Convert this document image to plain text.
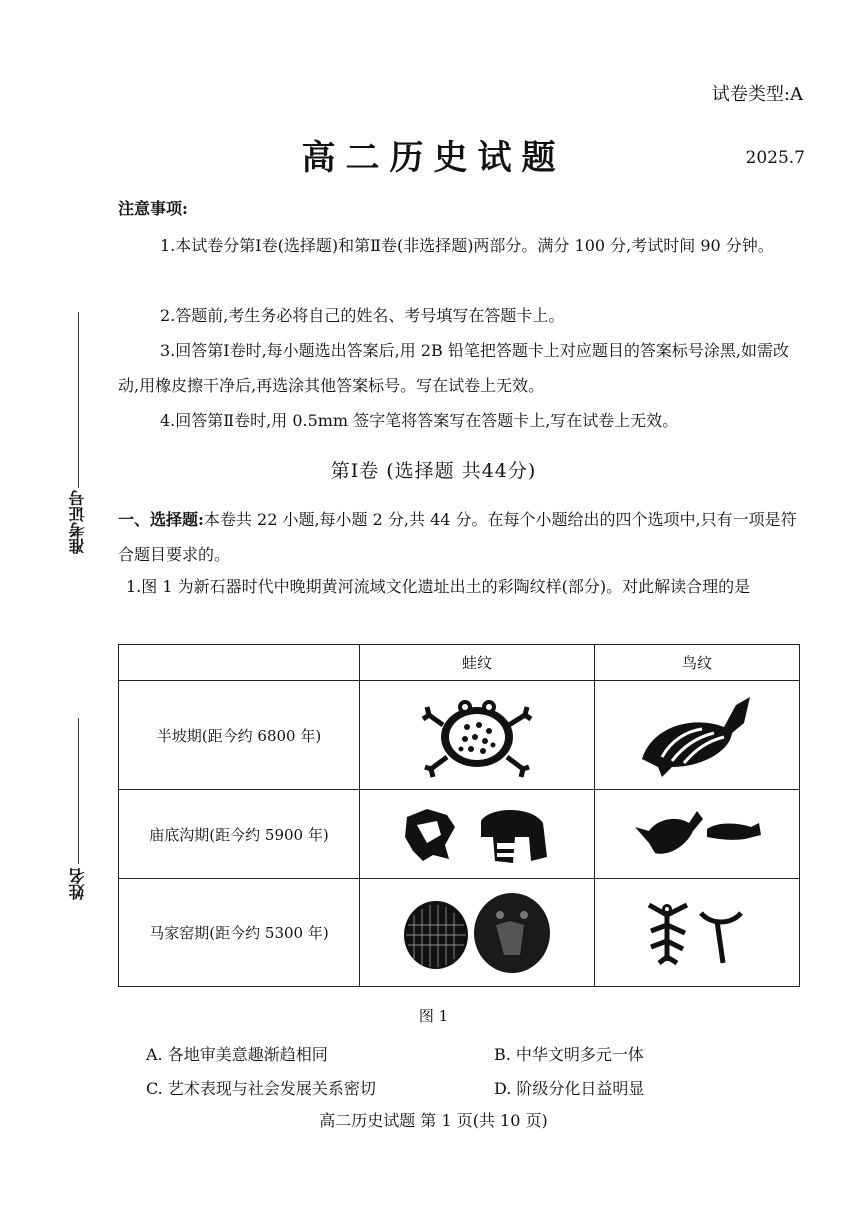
试卷类型:A
高二历史试题	2025.7
准考证号
姓名
注意事项:
1.本试卷分第Ⅰ卷(选择题)和第Ⅱ卷(非选择题)两部分。满分 100 分,考试时间 90 分钟。
2.答题前,考生务必将自己的姓名、考号填写在答题卡上。
3.回答第Ⅰ卷时,每小题选出答案后,用 2B 铅笔把答题卡上对应题目的答案标号涂黑,如需改动,用橡皮擦干净后,再选涂其他答案标号。写在试卷上无效。
4.回答第Ⅱ卷时,用 0.5mm 签字笔将答案写在答题卡上,写在试卷上无效。
第Ⅰ卷 (选择题 共44分)
一、选择题:本卷共 22 小题,每小题 2 分,共 44 分。在每个小题给出的四个选项中,只有一项是符合题目要求的。
1.图 1 为新石器时代中晚期黄河流域文化遗址出土的彩陶纹样(部分)。对此解读合理的是
	蛙纹	鸟纹
半坡期(距今约 6800 年)		
庙底沟期(距今约 5900 年)		
马家窑期(距今约 5300 年)		
图 1
A. 各地审美意趣渐趋相同	B. 中华文明多元一体
C. 艺术表现与社会发展关系密切	D. 阶级分化日益明显
高二历史试题 第 1 页(共 10 页)
